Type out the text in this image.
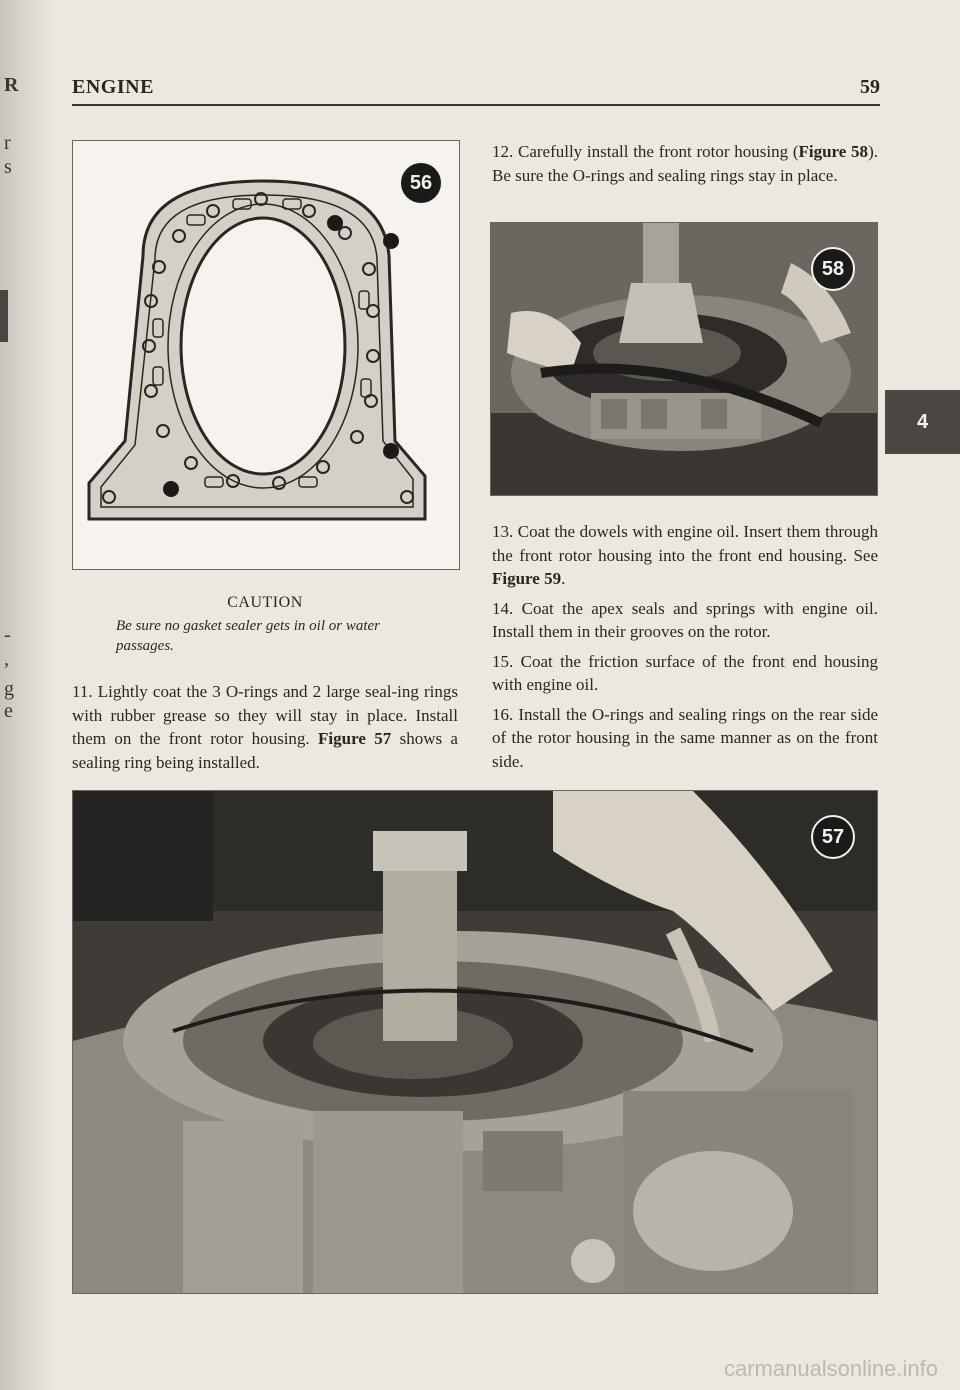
R
r
s
-
,
g
e
ENGINE	59
56
CAUTION
Be sure no gasket sealer gets in oil or water passages.

11. Lightly coat the 3 O-rings and 2 large seal-ing rings with rubber grease so they will stay in place. Install them on the front rotor housing. Figure 57 shows a sealing ring being installed.

12. Carefully install the front rotor housing (Figure 58). Be sure the O-rings and sealing rings stay in place.

58

13. Coat the dowels with engine oil. Insert them through the front rotor housing into the front end housing. See Figure 59.

14. Coat the apex seals and springs with engine oil. Install them in their grooves on the rotor.

15. Coat the friction surface of the front end housing with engine oil.

16. Install the O-rings and sealing rings on the rear side of the rotor housing in the same manner as on the front side.

57
4
carmanualsonline.info
